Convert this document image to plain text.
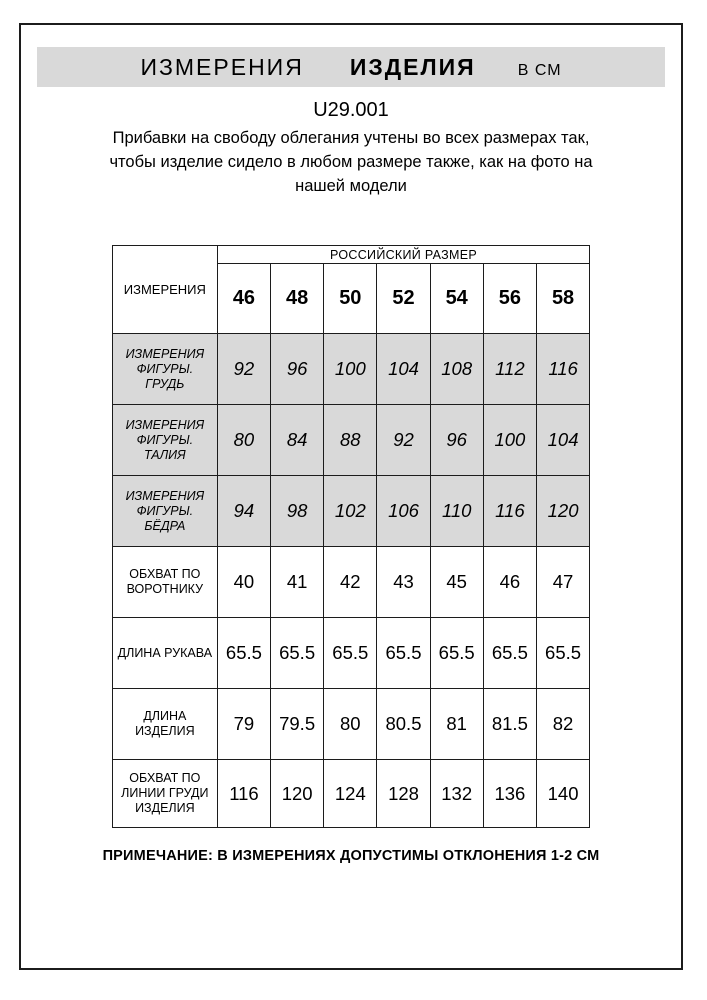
ИЗМЕРЕНИЯ ИЗДЕЛИЯ	В СМ
U29.001
Прибавки на свободу облегания учтены во всех размерах так,
чтобы изделие сидело в любом размере также, как на фото на
нашей модели
ИЗМЕРЕНИЯ	РОССИЙСКИЙ РАЗМЕР						
	46	48	50	52	54	56	58
ИЗМЕРЕНИЯ ФИГУРЫ. ГРУДЬ	92	96	100	104	108	112	116
ИЗМЕРЕНИЯ ФИГУРЫ. ТАЛИЯ	80	84	88	92	96	100	104
ИЗМЕРЕНИЯ ФИГУРЫ. БЁДРА	94	98	102	106	110	116	120
ОБХВАТ ПО ВОРОТНИКУ	40	41	42	43	45	46	47
ДЛИНА РУКАВА	65.5	65.5	65.5	65.5	65.5	65.5	65.5
ДЛИНА ИЗДЕЛИЯ	79	79.5	80	80.5	81	81.5	82
ОБХВАТ ПО ЛИНИИ ГРУДИ ИЗДЕЛИЯ	116	120	124	128	132	136	140
ПРИМЕЧАНИЕ: В ИЗМЕРЕНИЯХ ДОПУСТИМЫ ОТКЛОНЕНИЯ 1-2 СМ
